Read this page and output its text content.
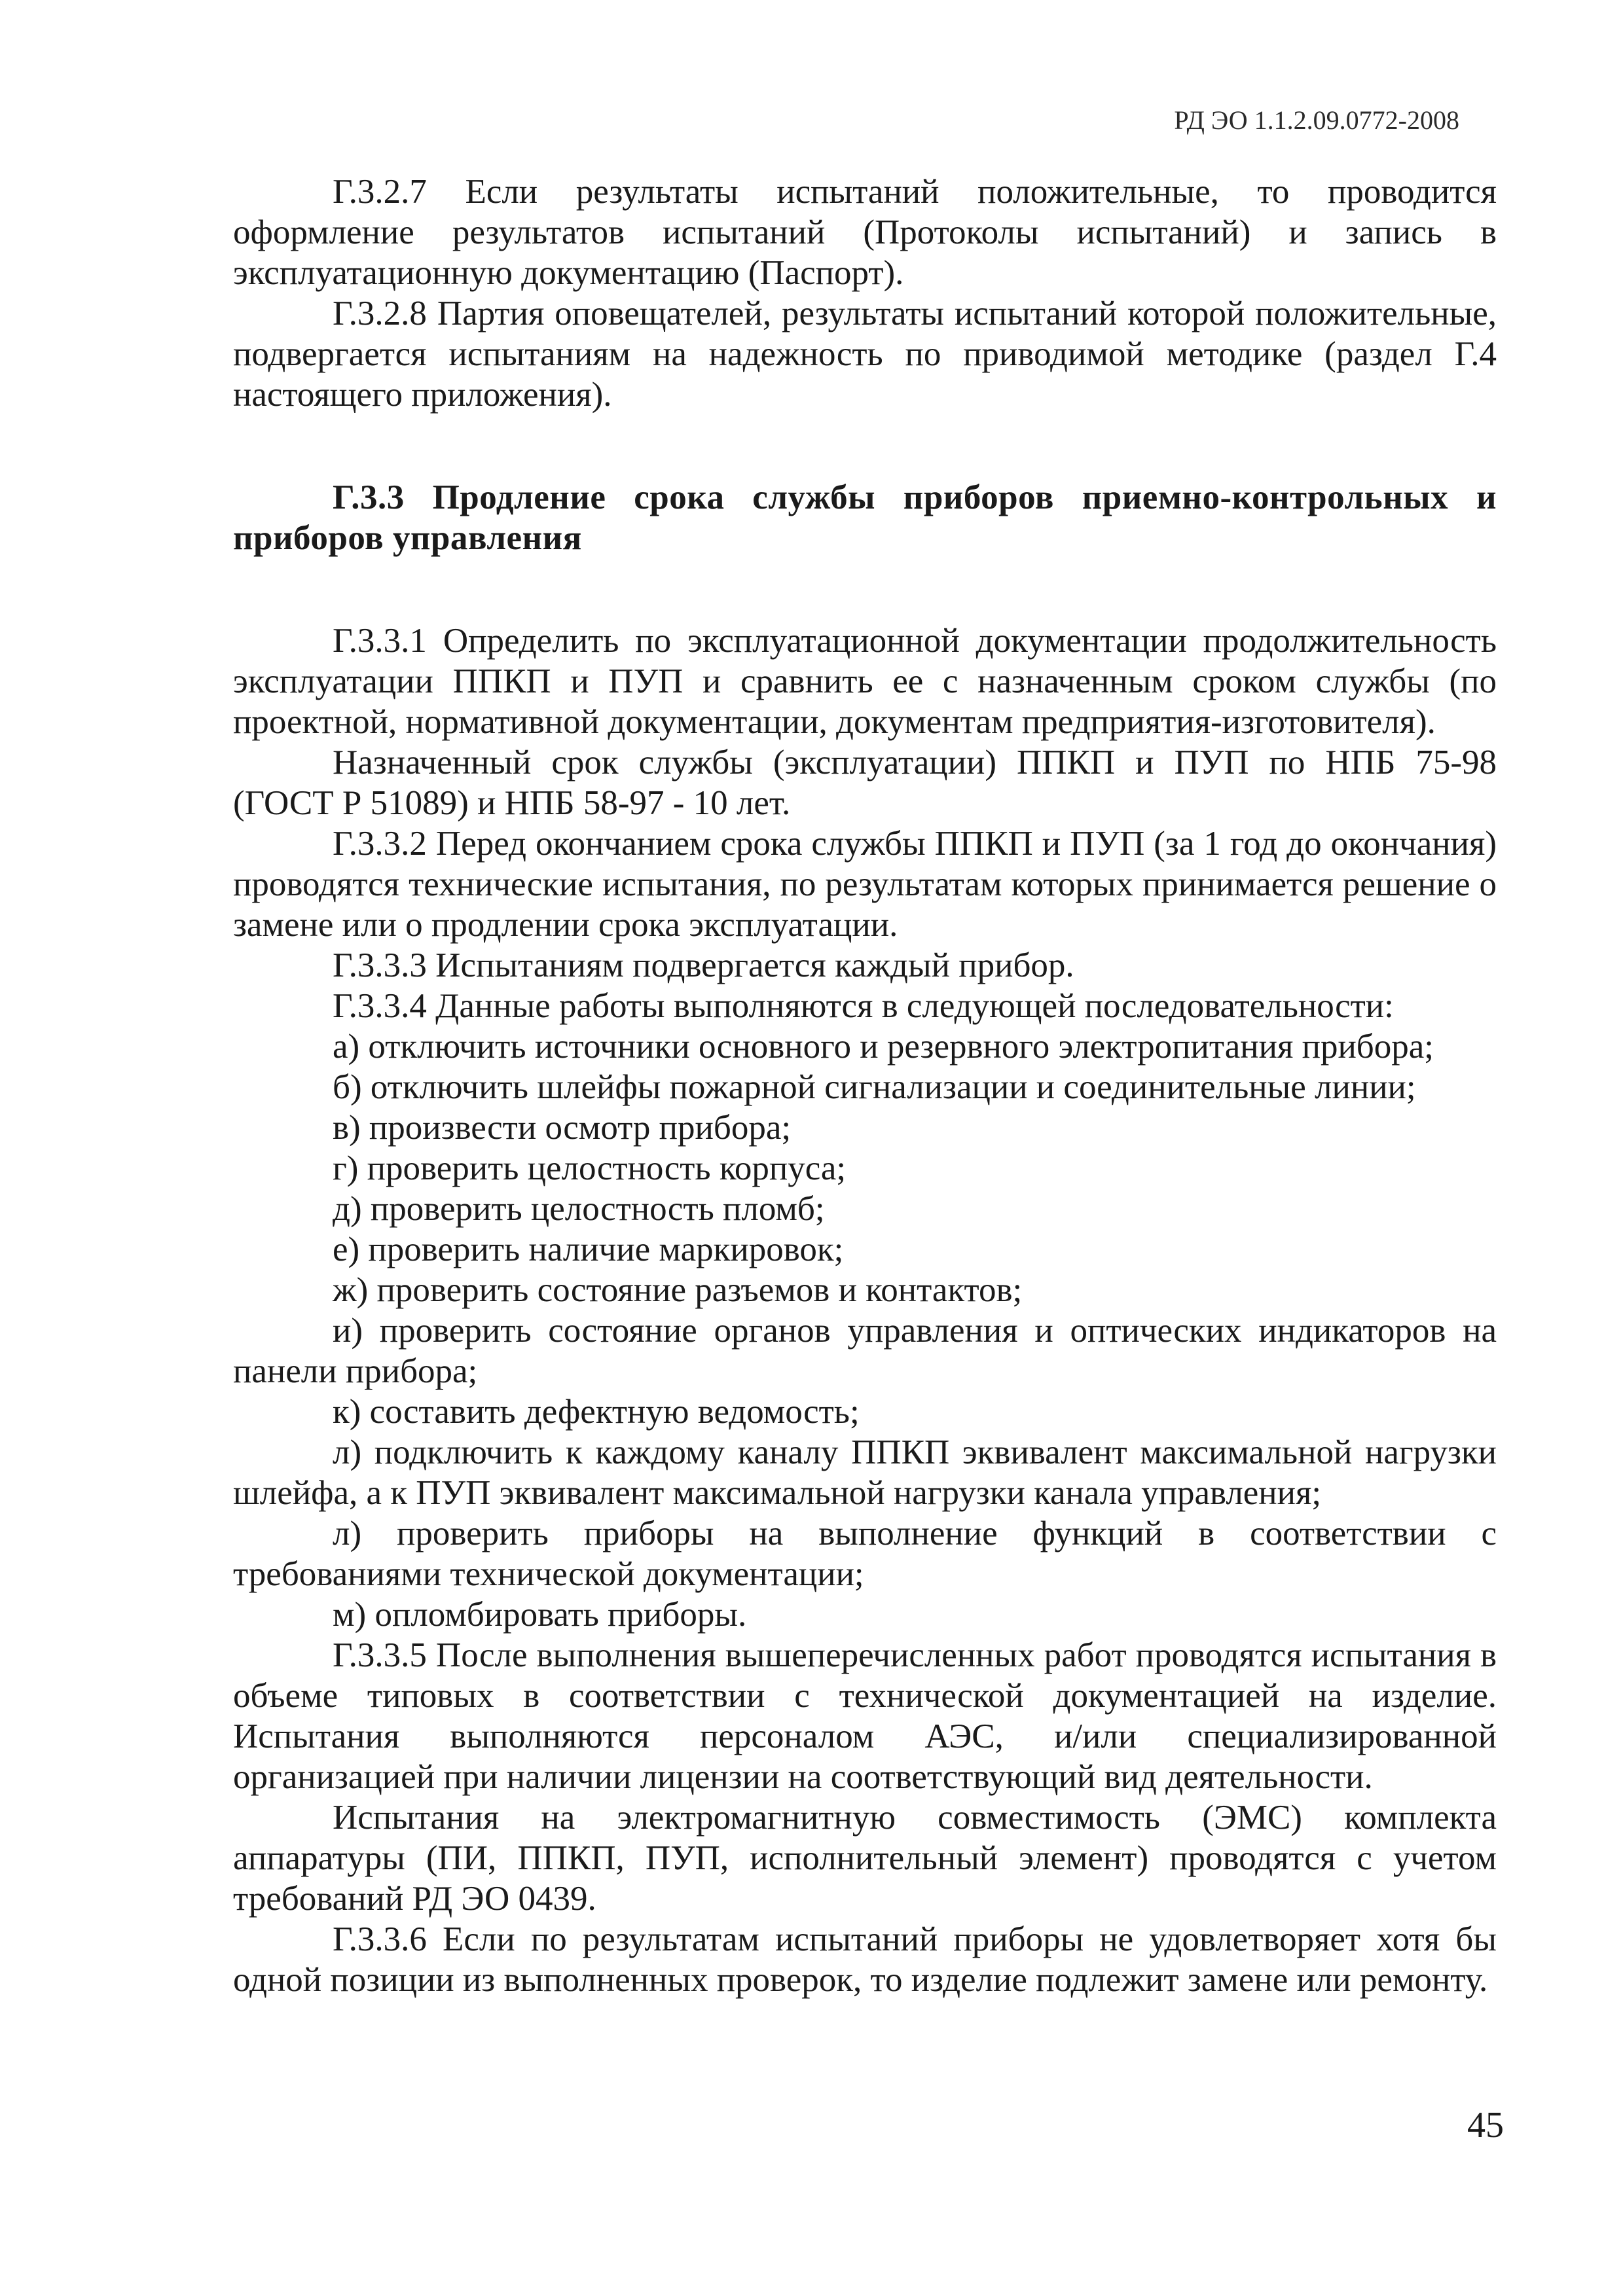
РД ЭО 1.1.2.09.0772-2008

Г.3.2.7 Если результаты испытаний положительные, то проводится оформление результатов испытаний (Протоколы испытаний) и запись в эксплуатационную документацию (Паспорт).

Г.3.2.8 Партия оповещателей, результаты испытаний которой положительные, подвергается испытаниям на надежность по приводимой методике (раздел Г.4 настоящего приложения).

Г.3.3 Продление срока службы приборов приемно-контрольных и приборов управления

Г.3.3.1 Определить по эксплуатационной документации продолжительность эксплуатации ППКП и ПУП и сравнить ее с назначенным сроком службы (по проектной, нормативной документации, документам предприятия-изготовителя).

Назначенный срок службы (эксплуатации) ППКП и ПУП по НПБ 75-98 (ГОСТ Р 51089) и НПБ 58-97 - 10 лет.

Г.3.3.2 Перед окончанием срока службы ППКП и ПУП (за 1 год до окончания) проводятся технические испытания, по результатам которых принимается решение о замене или о продлении срока эксплуатации.

Г.3.3.3 Испытаниям подвергается каждый прибор.

Г.3.3.4 Данные работы выполняются в следующей последовательности:

а) отключить источники основного и резервного электропитания прибора;

б) отключить шлейфы пожарной сигнализации и соединительные линии;

в) произвести осмотр прибора;

г) проверить целостность корпуса;

д) проверить целостность пломб;

е) проверить наличие маркировок;

ж) проверить состояние разъемов и контактов;

и) проверить состояние органов управления и оптических индикаторов на панели прибора;

к) составить дефектную ведомость;

л) подключить к каждому каналу ППКП эквивалент максимальной нагрузки шлейфа, а к ПУП эквивалент максимальной нагрузки канала управления;

л) проверить приборы на выполнение функций в соответствии с требованиями технической документации;

м) опломбировать приборы.

Г.3.3.5 После выполнения вышеперечисленных работ проводятся испытания в объеме типовых в соответствии с технической документацией на изделие. Испытания выполняются персоналом АЭС, и/или специализированной организацией при наличии лицензии на соответствующий вид деятельности.

Испытания на электромагнитную совместимость (ЭМС) комплекта аппаратуры (ПИ, ППКП, ПУП, исполнительный элемент) проводятся с учетом требований РД ЭО 0439.

Г.3.3.6 Если по результатам испытаний приборы не удовлетворяет хотя бы одной позиции из выполненных проверок, то изделие подлежит замене или ремонту.

45
